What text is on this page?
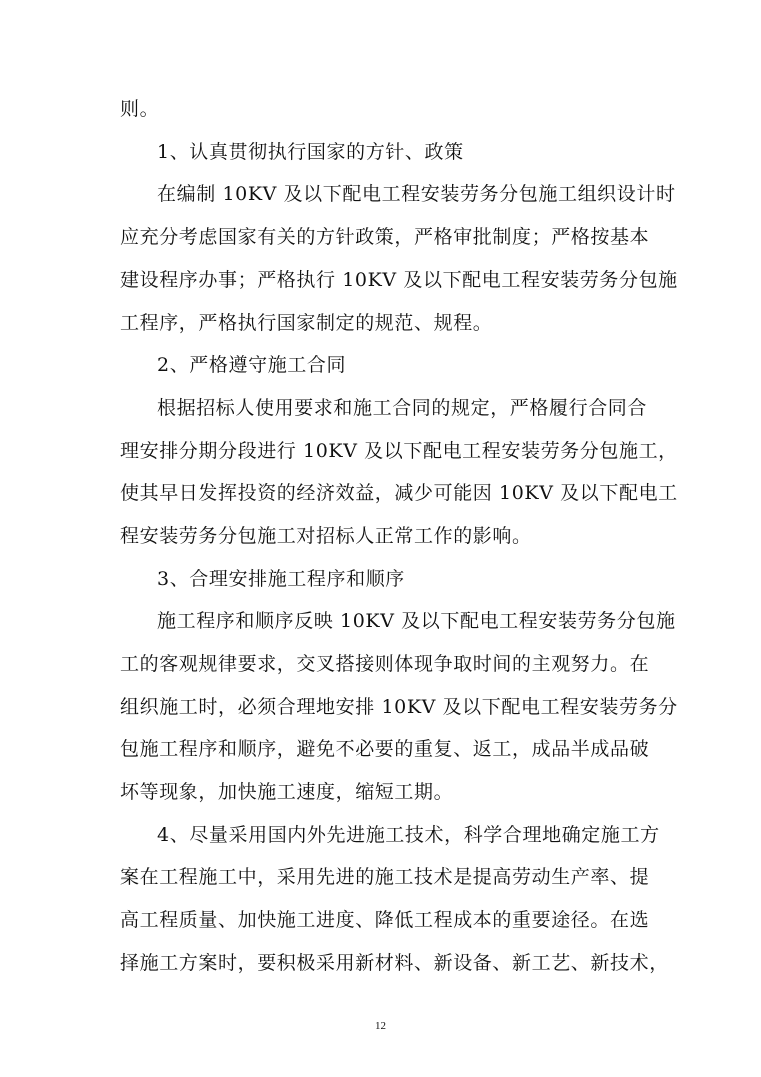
则。
1、认真贯彻执行国家的方针、政策
在编制 10KV 及以下配电工程安装劳务分包施工组织设计时
应充分考虑国家有关的方针政策，严格审批制度；严格按基本
建设程序办事；严格执行 10KV 及以下配电工程安装劳务分包施
工程序，严格执行国家制定的规范、规程。
2、严格遵守施工合同
根据招标人使用要求和施工合同的规定，严格履行合同合
理安排分期分段进行 10KV 及以下配电工程安装劳务分包施工，
使其早日发挥投资的经济效益，减少可能因 10KV 及以下配电工
程安装劳务分包施工对招标人正常工作的影响。
3、合理安排施工程序和顺序
施工程序和顺序反映 10KV 及以下配电工程安装劳务分包施
工的客观规律要求，交叉搭接则体现争取时间的主观努力。在
组织施工时，必须合理地安排 10KV 及以下配电工程安装劳务分
包施工程序和顺序，避免不必要的重复、返工，成品半成品破
坏等现象，加快施工速度，缩短工期。
4、尽量采用国内外先进施工技术，科学合理地确定施工方
案在工程施工中，采用先进的施工技术是提高劳动生产率、提
高工程质量、加快施工进度、降低工程成本的重要途径。在选
择施工方案时，要积极采用新材料、新设备、新工艺、新技术，
12
